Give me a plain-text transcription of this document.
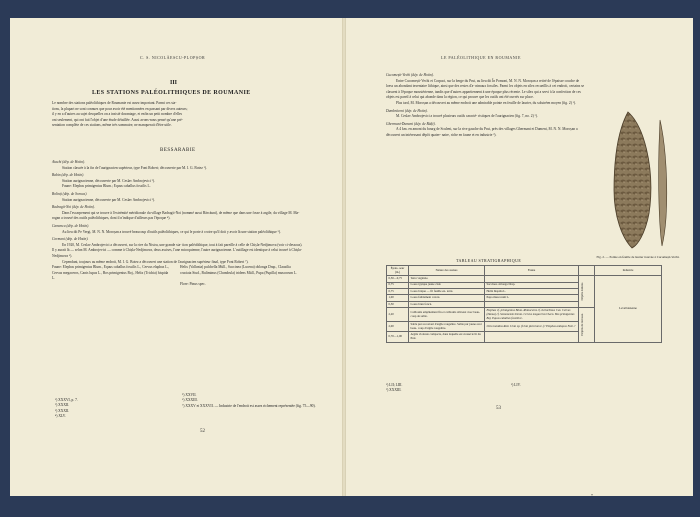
C. S. NICOLĂESCU-PLOPȘOR
III
LES STATIONS PALÉOLITHIQUES DE ROUMANIE
Le nombre des stations paléolithiques de Roumanie est assez important. Parmi ces sta-
tions, la plupart ne sont connues que pour avoir été mentionnées en passant par divers auteurs;
il y en a d'autres au sujet desquelles on a insisté davantage, et enfin un petit nombre d'elles
ont seulement, qui ont fait l'objet d'une étude détaillée. Aussi avons-nous pensé qu'une pré-
sentation complète de ces stations, même très sommaire, ne manquerait d'être utile.
BESSARABIE
Atachi (dép. de Hotin).
Station classée à la fin de l'aurignacien supérieur, type Font Robert; découverte par M. I. G. Botez ¹).
Babin (dép. de Hotin).
Station aurignacienne, découverte par M. Ceslav Ambrojevici ²).
Faune: Elephas primigenius Blum.; Equus caballus fossilis L.
Bolinți (dép. de Soroca).
Station aurignacienne, découverte par M. Ceslav Ambrojevici ³).
Badragii-Noi (dép. de Hotin).
Dans l'escarpement qui se trouve à l'extrémité méridionale du village Badragii-Noi (nommé aussi Bărcăuni), de même que dans une fosse à argile, du village M. Ma- rogan a trouvé des outils paléolithiques, dont il n'indique d'ailleurs pas l'époque ⁴).
Camenca (dép. de Hotin).
Au lieu dit Pe Vergi, M. N. N. Moroșan a trouvé beaucoup d'outils paléolithiques, ce qui le porte à croire qu'il doit y avoir là une station paléolithique ⁵).
Cormani (dép. de Hotin).
En 1920, M. Ceslav Ambrojevici a découvert, sur la rive du Nistru, une grande sta- tion paléolithique, tout à fait pareille à celle de Chișla-Nedjimova (voir ci-dessous). Il y aurait là — selon M. Ambrojevici — comme à Chișla-Nedjimova, deux assises, l'une micoquienne, l'autre aurignacienne. L'outillage est identique à celui trouvé à Chișla-Nedjimova ⁶).
Cependant, toujours au même endroit, M. I. G. Botez a découvert une station de l'aurignacien supérieur final, type Font Robert ⁷).
Faune: Elephas primigenius Blum., Equus caballus fossilis L., Cervus elaphus L., Cervus megaceros, Canis lupus L., Bos primigenius Boj., Helix (Trichia) hispida L.
Helix (Vallonia) pulchella Müll., Succinea (Lucena) oblonga Drap., Clausilia cruciata Stud., Buliminus (Chondrula) tridens Müll., Pupa (Pupilla) muscorum L.
Flore: Pinus spec.
¹) XXXVI, p. 7.
²) XXXII.
³) XXXII.
⁴) XLV.
⁵) XXVII.
⁶) XXXIII.
⁷) XXXV et XXXVII. — Industrie de l'endroit est assez richement représentée (fig. 75—90).
52
LE PALÉOLITHIQUE EN ROUMANIE
Cucomești-Vechi (dép. de Hotin).
Entre Cucomești-Vechi et Corpaci, sur la berge du Prut, au lieu dit În Pomoni, M. N. N. Moroșan a retiré de l'épaisse couche de loess un abondant inventaire lithique, ainsi que des restes d'a- nimaux fossiles. Parmi les objets en silex recueillis à cet endroit, certains se classent à l'époque moustérienne, tandis que d'autres appartiennent à une époque plus récente. Le silex qui a servi à la confection de ces objets est pareil à celui qui abonde dans la région, ce qui prouve que les outils ont été ouvrés sur place.
Plus tard, M. Moroșan a découvert au même endroit une admirable pointe en feuille de laurier, du solutréen moyen (fig. 2) ¹).
Dumbrăveni (dép. de Hotin).
M. Ceslav Ambrojevici a trouvé plusieurs outils caracté- ristiques de l'aurignacien (fig. 7, no. 2) ²).
Ghermani-Dumeni (dép. de Bălți).
A 4 km. en amont du bourg de Sculeni, sur la rive gauche du Prut, près des villages Ghermani et Dumeni, M. N. N. Moroșan a découvert un intéressant dépôt quater- naire, riche en faune et en industrie ³).
Fig. 2. — Pointe en feuille de laurier trouvée à Cucomești-Vechi.
TABLEAU STRATIGRAPHIQUE
Épais- seur (m.)	Nature des assises	Faune		Industrie
0,30—0,75	Terre végétale.		Dépôts éoliens.	Levalloisienne
0,75	Loess typique jaune clair.	Succinea oblonga Drap.		
0,75	Loess brique — fil feuille en- terré.	Helix hispida L.		
1,00	Loess faiblement coloré.	Pupa muscorum L.		
0,30	Loess brun foncé.			
2,20	Cailloutis empâtement fin et cailloutis siliceux avec beau- coup de sable.	Elephas cf. primigenius Blum. Rhinoceros cf. tichorhinus Cuv. Cervus (Dama) cf. Somonensis Desm. Cervus megaceros Owen. Bos primigenius Boj. Equus caballus fossilis L.	Dépôts de terrasse.	

2,00	Sable pur recouvert d'argile rougeâtre. Sable pur jaune avec beau- coup d'argile rougeâtre.	Unio tumidus Retz. Unio sp. (Unio pictorum L.)? Elephas antiquus Falc.?		
0,70—1,00	Argile violacée compacte, dans laquelle est creusé le lit du Prut.			
¹) LII; LIII.
²) XXXIII.
³) LIV.
53
*
